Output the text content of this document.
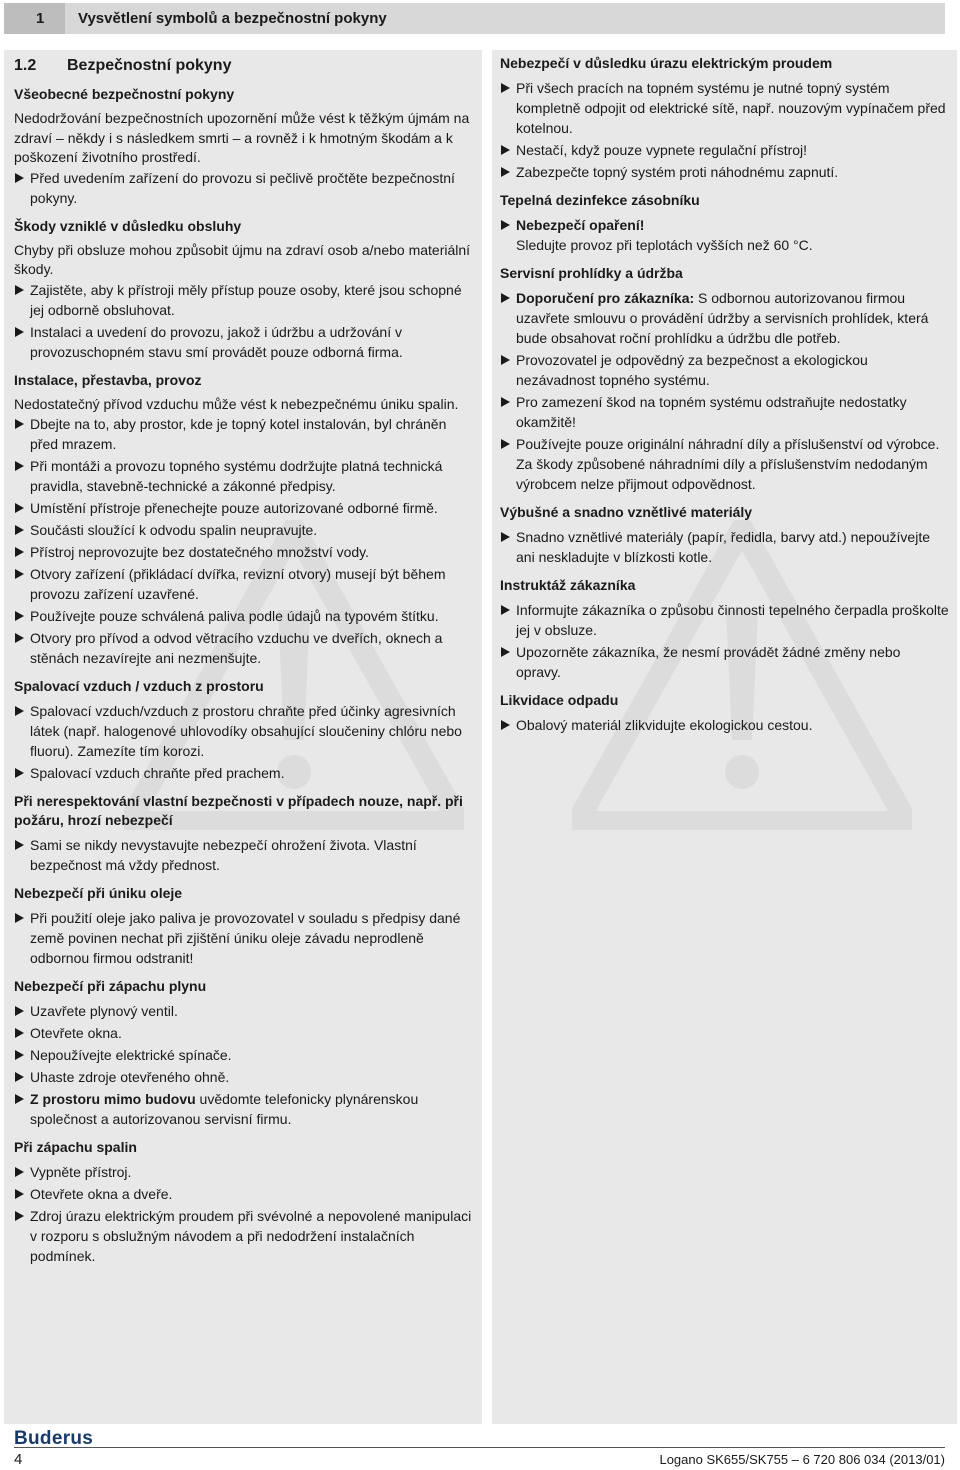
1	Vysvětlení symbolů a bezpečnostní pokyny
1.2 Bezpečnostní pokyny
Všeobecné bezpečnostní pokyny

Nedodržování bezpečnostních upozornění může vést k těžkým újmám na zdraví – někdy i s následkem smrti – a rovněž i k hmotným škodám a k poškození životního prostředí.

Před uvedením zařízení do provozu si pečlivě pročtěte bezpečnostní pokyny.
Škody vzniklé v důsledku obsluhy

Chyby při obsluze mohou způsobit újmu na zdraví osob a/nebo materiální škody.

Zajistěte, aby k přístroji měly přístup pouze osoby, které jsou schopné jej odborně obsluhovat.
Instalaci a uvedení do provozu, jakož i údržbu a udržování v provozuschopném stavu smí provádět pouze odborná firma.
Instalace, přestavba, provoz

Nedostatečný přívod vzduchu může vést k nebezpečnému úniku spalin.

Dbejte na to, aby prostor, kde je topný kotel instalován, byl chráněn před mrazem.
Při montáži a provozu topného systému dodržujte platná technická pravidla, stavebně-technické a zákonné předpisy.
Umístění přístroje přenechejte pouze autorizované odborné firmě.
Součásti sloužící k odvodu spalin neupravujte.
Přístroj neprovozujte bez dostatečného množství vody.
Otvory zařízení (přikládací dvířka, revizní otvory) musejí být během provozu zařízení uzavřené.
Používejte pouze schválená paliva podle údajů na typovém štítku.
Otvory pro přívod a odvod větracího vzduchu ve dveřích, oknech a stěnách nezavírejte ani nezmenšujte.
Spalovací vzduch / vzduch z prostoru
Spalovací vzduch/vzduch z prostoru chraňte před účinky agresivních látek (např. halogenové uhlovodíky obsahující sloučeniny chlóru nebo fluoru). Zamezíte tím korozi.
Spalovací vzduch chraňte před prachem.
Při nerespektování vlastní bezpečnosti v případech nouze, např. při požáru, hrozí nebezpečí
Sami se nikdy nevystavujte nebezpečí ohrožení života. Vlastní bezpečnost má vždy přednost.
Nebezpečí při úniku oleje
Při použití oleje jako paliva je provozovatel v souladu s předpisy dané země povinen nechat při zjištění úniku oleje závadu neprodleně odbornou firmou odstranit!
Nebezpečí při zápachu plynu
Uzavřete plynový ventil.
Otevřete okna.
Nepoužívejte elektrické spínače.
Uhaste zdroje otevřeného ohně.
Z prostoru mimo budovu uvědomte telefonicky plynárenskou společnost a autorizovanou servisní firmu.
Při zápachu spalin
Vypněte přístroj.
Otevřete okna a dveře.
Zdroj úrazu elektrickým proudem při svévolné a nepovolené manipulaci v rozporu s obslužným návodem a při nedodržení instalačních podmínek.
Nebezpečí v důsledku úrazu elektrickým proudem
Při všech pracích na topném systému je nutné topný systém kompletně odpojit od elektrické sítě, např. nouzovým vypínačem před kotelnou.
Nestačí, když pouze vypnete regulační přístroj!
Zabezpečte topný systém proti náhodnému zapnutí.
Tepelná dezinfekce zásobníku
Nebezpečí opaření!
Sledujte provoz při teplotách vyšších než 60 °C.
Servisní prohlídky a údržba
Doporučení pro zákazníka: S odbornou autorizovanou firmou uzavřete smlouvu o provádění údržby a servisních prohlídek, která bude obsahovat roční prohlídku a údržbu dle potřeb.
Provozovatel je odpovědný za bezpečnost a ekologickou nezávadnost topného systému.
Pro zamezení škod na topném systému odstraňujte nedostatky okamžitě!
Používejte pouze originální náhradní díly a příslušenství od výrobce. Za škody způsobené náhradními díly a příslušenstvím nedodaným výrobcem nelze přijmout odpovědnost.
Výbušné a snadno vznětlivé materiály
Snadno vznětlivé materiály (papír, ředidla, barvy atd.) nepoužívejte ani neskladujte v blízkosti kotle.
Instruktáž zákazníka
Informujte zákazníka o způsobu činnosti tepelného čerpadla proškolte jej v obsluze.
Upozorněte zákazníka, že nesmí provádět žádné změny nebo opravy.
Likvidace odpadu
Obalový materiál zlikvidujte ekologickou cestou.
Buderus
4	Logano SK655/SK755 – 6 720 806 034 (2013/01)
